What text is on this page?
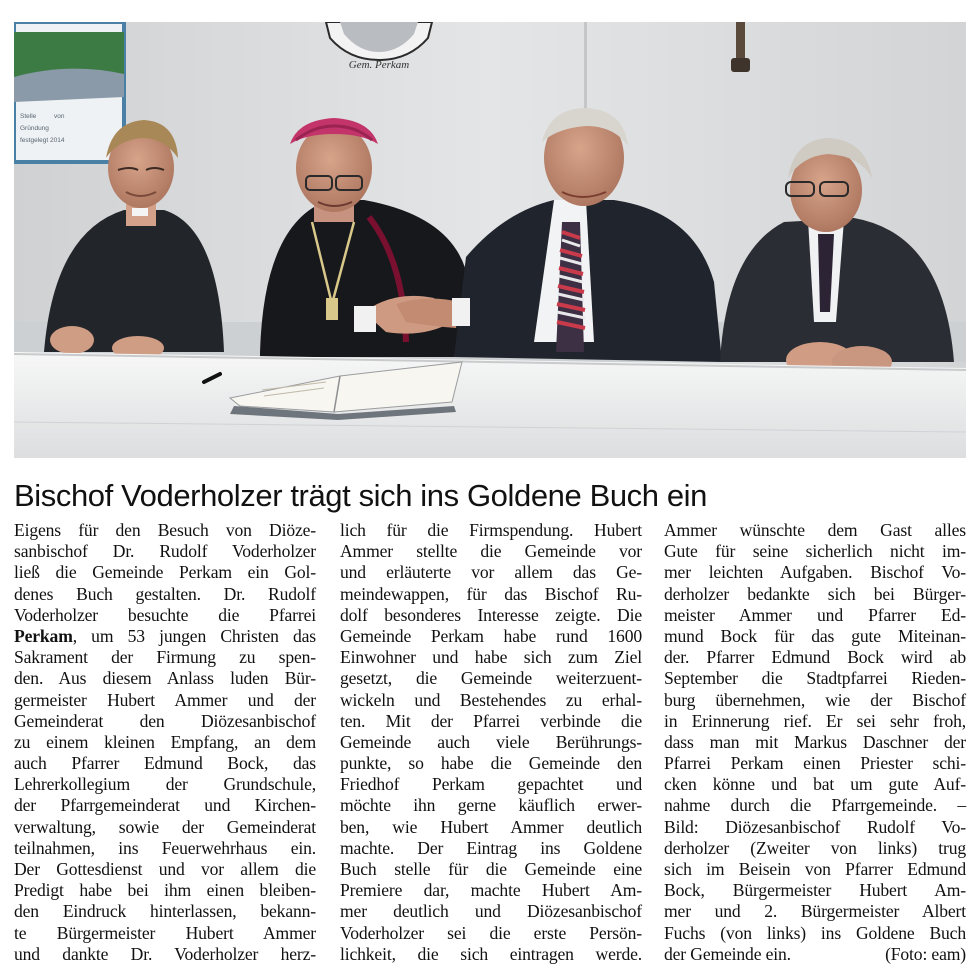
Stelle
Gründung
festgelegt 2014
von
Gem. Perkam
Bischof Voderholzer trägt sich ins Goldene Buch ein
Eigens für den Besuch von Diöze-
sanbischof Dr. Rudolf Voderholzer
ließ die Gemeinde Perkam ein Gol-
denes Buch gestalten. Dr. Rudolf
Voderholzer besuchte die Pfarrei
Perkam, um 53 jungen Christen das
Sakrament der Firmung zu spen-
den. Aus diesem Anlass luden Bür-
germeister Hubert Ammer und der
Gemeinderat den Diözesanbischof
zu einem kleinen Empfang, an dem
auch Pfarrer Edmund Bock, das
Lehrerkollegium der Grundschule,
der Pfarrgemeinderat und Kirchen-
verwaltung, sowie der Gemeinderat
teilnahmen, ins Feuerwehrhaus ein.
Der Gottesdienst und vor allem die
Predigt habe bei ihm einen bleiben-
den Eindruck hinterlassen, bekann-
te Bürgermeister Hubert Ammer
und dankte Dr. Voderholzer herz-
lich für die Firmspendung. Hubert
Ammer stellte die Gemeinde vor
und erläuterte vor allem das Ge-
meindewappen, für das Bischof Ru-
dolf besonderes Interesse zeigte. Die
Gemeinde Perkam habe rund 1600
Einwohner und habe sich zum Ziel
gesetzt, die Gemeinde weiterzuent-
wickeln und Bestehendes zu erhal-
ten. Mit der Pfarrei verbinde die
Gemeinde auch viele Berührungs-
punkte, so habe die Gemeinde den
Friedhof Perkam gepachtet und
möchte ihn gerne käuflich erwer-
ben, wie Hubert Ammer deutlich
machte. Der Eintrag ins Goldene
Buch stelle für die Gemeinde eine
Premiere dar, machte Hubert Am-
mer deutlich und Diözesanbischof
Voderholzer sei die erste Persön-
lichkeit, die sich eintragen werde.
Ammer wünschte dem Gast alles
Gute für seine sicherlich nicht im-
mer leichten Aufgaben. Bischof Vo-
derholzer bedankte sich bei Bürger-
meister Ammer und Pfarrer Ed-
mund Bock für das gute Miteinan-
der. Pfarrer Edmund Bock wird ab
September die Stadtpfarrei Rieden-
burg übernehmen, wie der Bischof
in Erinnerung rief. Er sei sehr froh,
dass man mit Markus Daschner der
Pfarrei Perkam einen Priester schi-
cken könne und bat um gute Auf-
nahme durch die Pfarrgemeinde. –
Bild: Diözesanbischof Rudolf Vo-
derholzer (Zweiter von links) trug
sich im Beisein von Pfarrer Edmund
Bock, Bürgermeister Hubert Am-
mer und 2. Bürgermeister Albert
Fuchs (von links) ins Goldene Buch
der Gemeinde ein.	(Foto: eam)
